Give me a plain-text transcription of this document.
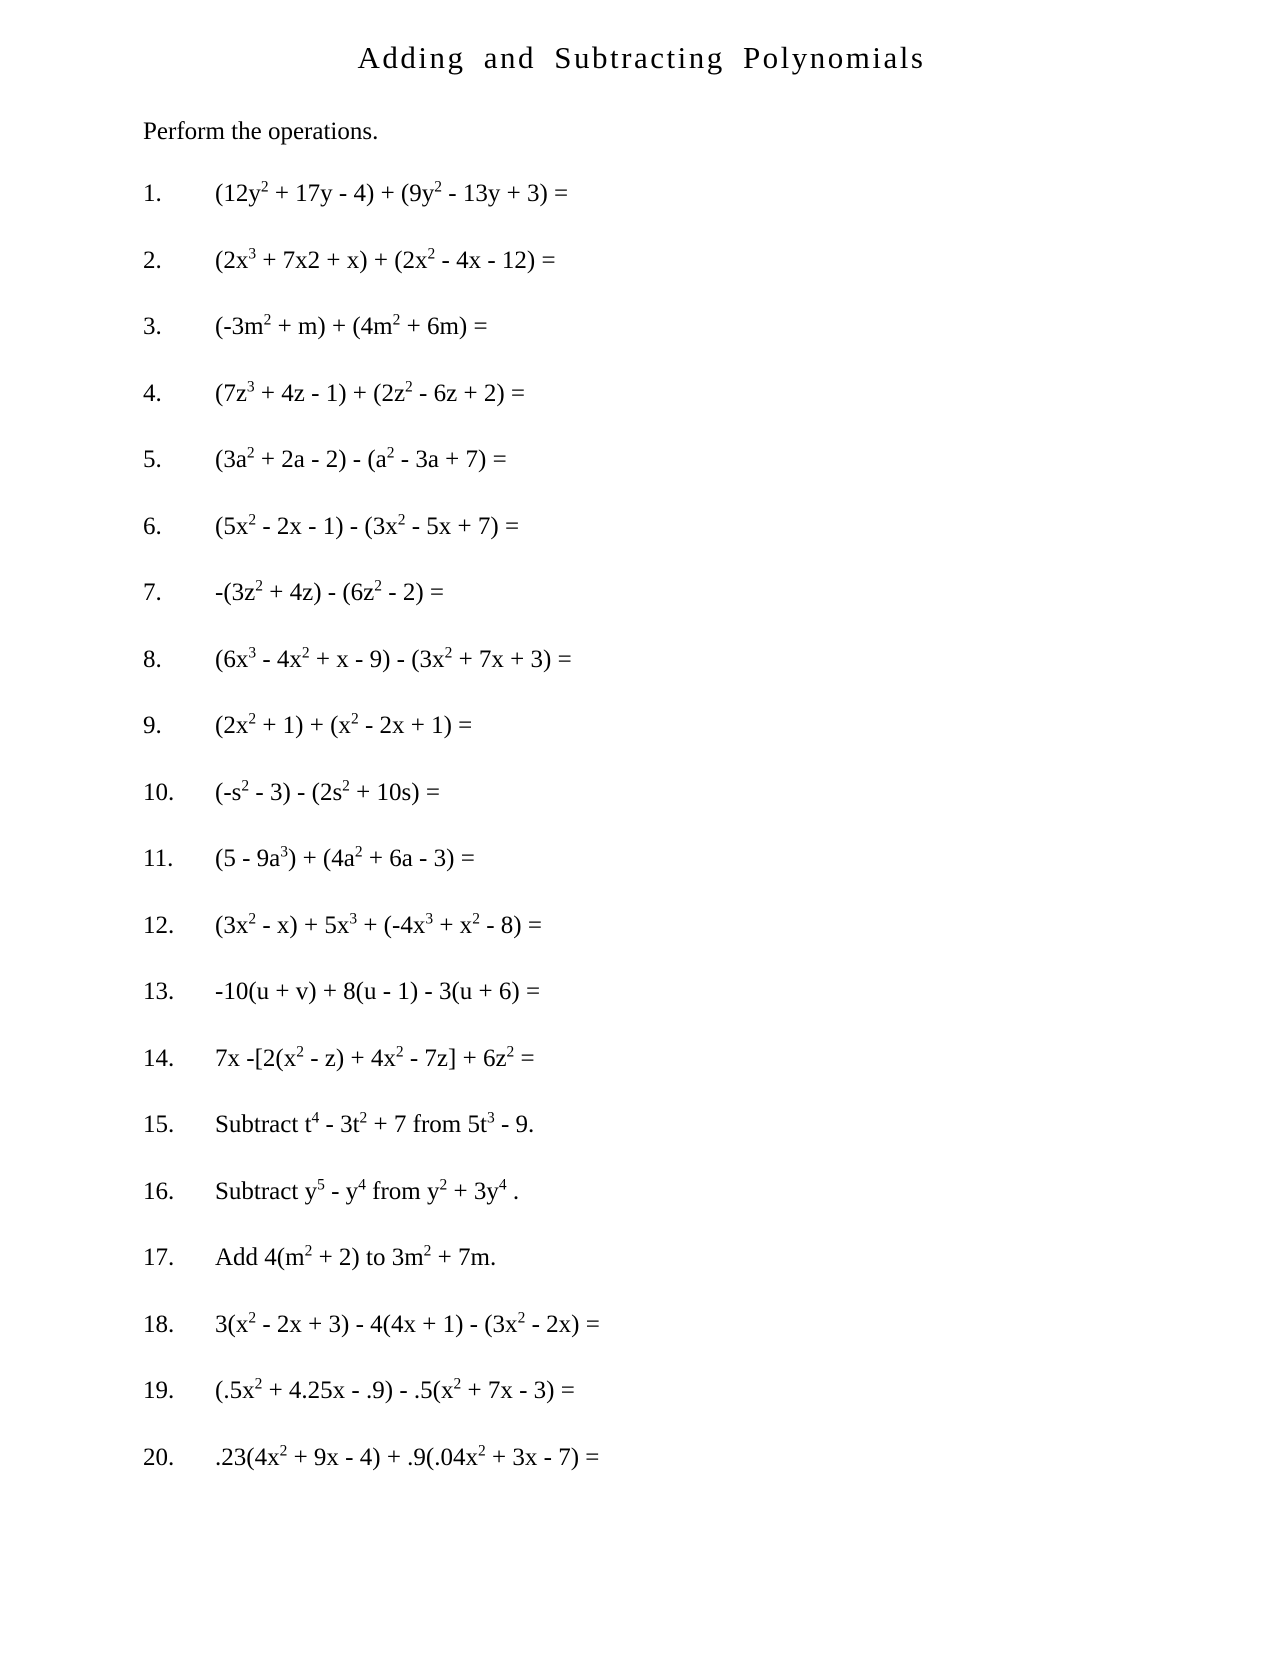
Adding and Subtracting Polynomials
Perform the operations.
1.	$(12y^2 + 17y - 4) + (9y^2 - 13y + 3)$ =
2.	$(2x^3 + 7x2 + x) + (2x^2 - 4x - 12)$ =
3.	$(-3m^2 + m) + (4m^2 + 6m)$ =
4.	$(7z^3 + 4z - 1) + (2z^2 - 6z + 2)$ =
5.	$(3a^2 + 2a - 2) - (a^2 - 3a + 7)$ =
6.	$(5x^2 - 2x - 1) - (3x^2 - 5x + 7)$ =
7.	$-(3z^2 + 4z) - (6z^2 - 2)$ =
8.	$(6x^3 - 4x^2 + x - 9) - (3x^2 + 7x + 3)$ =
9.	$(2x^2 + 1) + (x^2 - 2x + 1)$ =
10.	$(-s^2 - 3) - (2s^2 + 10s)$ =
11.	$(5 - 9a^3) + (4a^2 + 6a - 3)$ =
12.	$(3x^2 - x) + 5x^3 + (-4x^3 + x^2 - 8)$ =
13.	-10(u + v) + 8(u - 1) - 3(u + 6) =
14.	7x $-[2(x^2 - z) + 4x^2 - 7z] + 6z^2$ =
15.	Subtract $t^4 - 3t^2 + 7$ from $5t^3 - 9$.
16.	Subtract $y^5 - y^4$ from $y^2 + 3y^4$ .
17.	Add $4(m^2 + 2)$ to $3m^2 + 7m$.
18.	$3(x^2 - 2x + 3) - 4(4x + 1) - (3x^2 - 2x)$ =
19.	$(.5x^2 + 4.25x - .9) - .5(x^2 + 7x - 3)$ =
20.	$.23(4x^2 + 9x - 4) + .9(.04x^2 + 3x - 7)$ =
